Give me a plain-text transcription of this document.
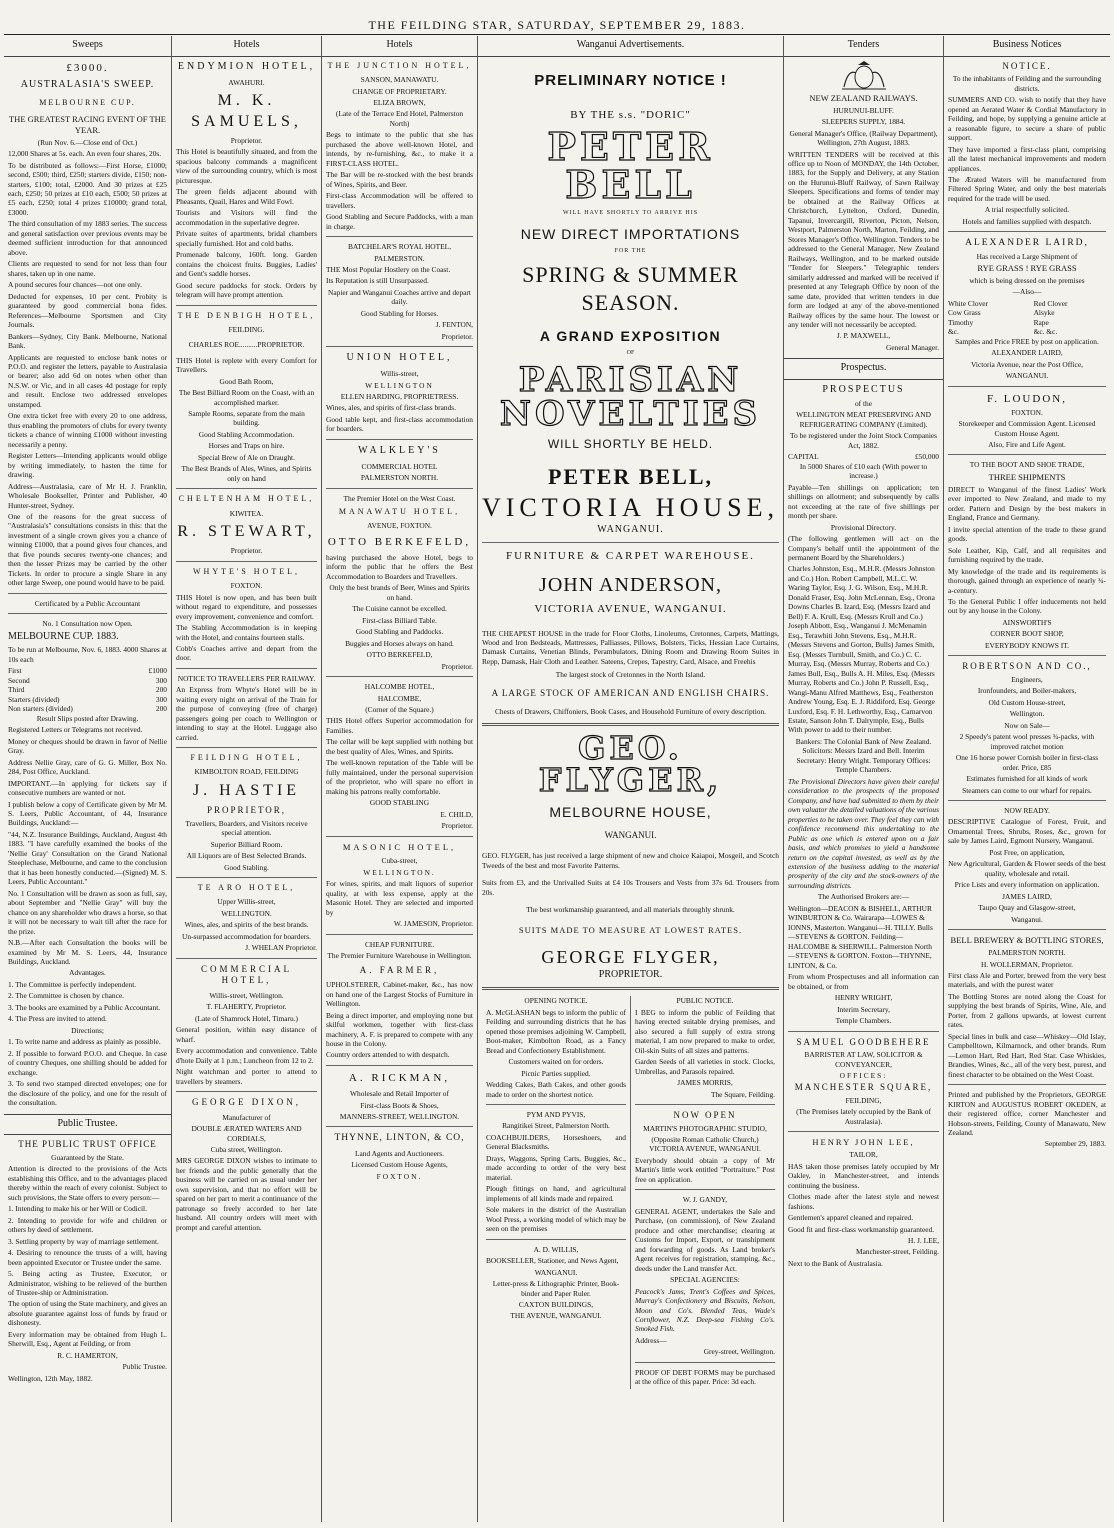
THE FEILDING STAR, SATURDAY, SEPTEMBER 29, 1883.
Sweeps
£3000.
AUSTRALASIA'S SWEEP.
MELBOURNE CUP.

THE GREATEST RACING EVENT OF THE YEAR.

(Run Nov. 6.—Close end of Oct.)

12,000 Shares at 5s. each. An even four shares, 20s.

To be distributed as follows:—First Horse, £1000; second, £500; third, £250; starters divide, £150; non-starters, £100; total, £2000. And 30 prizes at £25 each, £250; 50 prizes at £10 each, £500; 50 prizes at £5 each, £250; total 4 prizes £10000; grand total, £3000.

The third consultation of my 1883 series. The success and general satisfaction over previous events may be deemed sufficient introduction for that announced above.

Clients are requested to send for not less than four shares, taken up in one name.

A pound secures four chances—not one only.

Deducted for expenses, 10 per cent. Probity is guaranteed by good commercial bona fides. References—Melbourne Sportsmen and City Journals.

Bankers—Sydney, City Bank. Melbourne, National Bank.

Applicants are requested to enclose bank notes or P.O.O. and register the letters, payable to Australasia or bearer; also add 6d on notes when other than N.S.W. or Vic, and in all cases 4d postage for reply and result. Enclose two addressed envelopes unstamped.

One extra ticket free with every 20 to one address, thus enabling the promoters of clubs for every twenty tickets a chance of winning £1000 without investing necessarily a penny.

Register Letters—Intending applicants would oblige by writing immediately, to hasten the time for drawing.

Address—Australasia, care of Mr H. J. Franklin, Wholesale Bookseller, Printer and Publisher, 40 Hunter-street, Sydney.

One of the reasons for the great success of "Australasia's" consultations consists in this: that the investment of a single crown gives you a chance of winning £1000, that a pound gives four chances, and that five pounds secures twenty-one chances; and then the lesser Prizes may be carried by the other Tickets. In order to procure a single Share in any other large Sweep, one pound would have to be paid.

Certificated by a Public Accountant

No. 1 Consultation now Open.

MELBOURNE CUP. 1883.

To be run at Melbourne, Nov. 6, 1883. 4000 Shares at 10s each

First	£1000
Second	300
Third	200
Starters (divided)	300
Non starters (divided)	200

Result Slips posted after Drawing.

Registered Letters or Telegrams not received.

Money or cheques should be drawn in favor of Nellie Gray.

Address Nellie Gray, care of G. G. Miller, Box No. 284, Post Office, Auckland.

IMPORTANT.—In applying for tickets say if consecutive numbers are wanted or not.

I publish below a copy of Certificate given by Mr M. S. Leers, Public Accountant, of 44, Insurance Buildings, Auckland:—

"44, N.Z. Insurance Buildings, Auckland, August 4th 1883. "I have carefully examined the books of the 'Nellie Gray' Consultation on the Grand National Steeplechase, Melbourne, and came to the conclusion that it has been honestly conducted.—(Signed) M. S. Leers, Public Accountant."

No. 1 Consultation will be drawn as soon as full, say, about September and "Nellie Gray" will buy the chance on any shareholder who draws a horse, so that it will not be necessary to wait till after the race for the prize.

N.B.—After each Consultation the books will be examined by Mr M. S. Leers, 44, Insurance Buildings, Auckland.

Advantages.

1. The Committee is perfectly independent.

2. The Committee is chosen by chance.

3. The books are examined by a Public Accountant.

4. The Press are invited to attend.

Directions;

1. To write name and address as plainly as possible.

2. If possible to forward P.O.O. and Cheque. In case of country Cheques, one shilling should be added for exchange.

3. To send two stamped directed envelopes; one for the disclosure of the policy, and one for the result of the consultation.

Public Trustee.

THE PUBLIC TRUST OFFICE

Guaranteed by the State.

Attention is directed to the provisions of the Acts establishing this Office, and to the advantages placed thereby within the reach of every colonist. Subject to such provisions, the State offers to every person:—

1. Intending to make his or her Will or Codicil.

2. Intending to provide for wife and children or others by deed of settlement.

3. Settling property by way of marriage settlement.

4. Desiring to renounce the trusts of a will, having been appointed Executor or Trustee under the same.

5. Being acting as Trustee, Executor, or Administrator, wishing to be relieved of the burthen of Trustee-ship or Administration.

The option of using the State machinery, and gives an absolute guarantee against loss of funds by fraud or dishonesty.

Every information may be obtained from Hugh L. Sherwill, Esq., Agent at Feilding, or from

R. C. HAMERTON,

Public Trustee.

Wellington, 12th May, 1882.

Hotels
ENDYMION HOTEL,

AWAHURI.

M. K. SAMUELS,

Proprietor.

This Hotel is beautifully situated, and from the spacious balcony commands a magnificent view of the surrounding country, which is most picturesque.

The green fields adjacent abound with Pheasants, Quail, Hares and Wild Fowl.

Tourists and Visitors will find the accommodation in the superlative degree.

Private suites of apartments, bridal chambers specially furnished. Hot and cold baths.

Promenade balcony, 160ft. long. Garden contains the choicest fruits. Buggies, Ladies' and Gent's saddle horses.

Good secure paddocks for stock. Orders by telegram will have prompt attention.

THE DENBIGH HOTEL,

FEILDING.

CHARLES ROE..........PROPRIETOR.

THIS Hotel is replete with every Comfort for Travellers.

Good Bath Room,

The Best Billiard Room on the Coast, with an accomplished marker.

Sample Rooms, separate from the main building.

Good Stabling Accommodation.

Horses and Traps on hire.

Special Brew of Ale on Draught.

The Best Brands of Ales, Wines, and Spirits only on hand

CHELTENHAM HOTEL,

KIWITEA.

R. STEWART,

Proprietor.

WHYTE'S HOTEL,

FOXTON.

THIS Hotel is now open, and has been built without regard to expenditure, and possesses every improvement, convenience and comfort.

The Stabling Accommodation is in keeping with the Hotel, and contains fourteen stalls.

Cobb's Coaches arrive and depart from the door.

NOTICE TO TRAVELLERS PER RAILWAY.

An Express from Whyte's Hotel will be in waiting every night on arrival of the Train for the purpose of conveying (free of charge) passengers going per coach to Wellington or intending to stay at the Hotel. Luggage also carried.

FEILDING HOTEL,

KIMBOLTON ROAD, FEILDING

J. HASTIE

PROPRIETOR,

Travellers, Boarders, and Visitors receive special attention.

Superior Billiard Room.

All Liquors are of Best Selected Brands.

Good Stabling.

TE ARO HOTEL,

Upper Willis-street,

WELLINGTON.

Wines, ales, and spirits of the best brands.

Un-surpassed accommodation for boarders.

J. WHELAN Proprietor.

COMMERCIAL HOTEL,

Willis-street, Wellington.

T. FLAHERTY, Proprietor.

(Late of Shamrock Hotel, Timaru.)

General position, within easy distance of wharf.

Every accommodation and convenience. Table d'hote Daily at 1 p.m.; Luncheon from 12 to 2.

Night watchman and porter to attend to travellers by steamers.

GEORGE DIXON,

Manufacturer of

DOUBLE ÆRATED WATERS AND CORDIALS,

Cuba street, Wellington.

MRS GEORGE DIXON wishes to intimate to her friends and the public generally that the business will be carried on as usual under her own supervision, and that no effort will be spared on her part to merit a continuance of the patronage so freely accorded to her late husband. All country orders will meet with prompt and careful attention.

Hotels
THE JUNCTION HOTEL,

SANSON, MANAWATU.

CHANGE OF PROPRIETARY.

ELIZA BROWN,

(Late of the Terrace End Hotel, Palmerston North)

Begs to intimate to the public that she has purchased the above well-known Hotel, and intends, by re-furnishing, &c., to make it a FIRST-CLASS HOTEL.

The Bar will be re-stocked with the best brands of Wines, Spirits, and Beer.

First-class Accommodation will be offered to travellers.

Good Stabling and Secure Paddocks, with a man in charge.

BATCHELAR'S ROYAL HOTEL,

PALMERSTON.

THE Most Popular Hostlery on the Coast.

Its Reputation is still Unsurpassed.

Napier and Wanganui Coaches arrive and depart daily.

Good Stabling for Horses.

J. FENTON,

Proprietor.

UNION HOTEL,

Willis-street,

WELLINGTON

ELLEN HARDING, PROPRIETRESS.

Wines, ales, and spirits of first-class brands.

Good table kept, and first-class accommodation for boarders.

WALKLEY'S

COMMERCIAL HOTEL

PALMERSTON NORTH.

The Premier Hotel on the West Coast.

MANAWATU HOTEL,

AVENUE, FOXTON.

OTTO BERKEFELD,

having purchased the above Hotel, begs to inform the public that he offers the Best Accommodation to Boarders and Travellers.

Only the best brands of Beer, Wines and Spirits on hand.

The Cuisine cannot be excelled.

First-class Billiard Table.

Good Stabling and Paddocks.

Buggies and Horses always on hand.

OTTO BERKEFELD,

Proprietor.

HALCOMBE HOTEL,

HALCOMBE,

(Corner of the Square.)

THIS Hotel offers Superior accommodation for Families.

The cellar will be kept supplied with nothing but the best quality of Ales, Wines, and Spirits.

The well-known reputation of the Table will be fully maintained, under the personal supervision of the proprietor, who will spare no effort in making his patrons really comfortable.

GOOD STABLING

E. CHILD,

Proprietor.

MASONIC HOTEL,

Cuba-street,

WELLINGTON.

For wines, spirits, and malt liquors of superior quality, at with less expense, apply at the Masonic Hotel. They are selected and imported by

W. JAMESON, Proprietor.

CHEAP FURNITURE.

The Premier Furniture Warehouse in Wellington.

A. FARMER,

UPHOLSTERER, Cabinet-maker, &c., has now on hand one of the Largest Stocks of Furniture in Wellington.

Being a direct importer, and employing none but skilful workmen, together with first-class machinery, A. F. is prepared to compete with any house in the Colony.

Country orders attended to with despatch.

A. RICKMAN,

Wholesale and Retail Importer of

First-class Boots & Shoes,

MANNERS-STREET, WELLINGTON.

THYNNE, LINTON, & CO,

Land Agents and Auctioneers.

Licensed Custom House Agents,

FOXTON.

Wanganui Advertisements.
PRELIMINARY NOTICE !
BY THE s.s. "DORIC"
PETER BELL

WILL HAVE SHORTLY TO ARRIVE HIS

NEW DIRECT IMPORTATIONS

FOR THE

SPRING & SUMMER SEASON.
A GRAND EXPOSITION

OF

PARISIAN NOVELTIES
WILL SHORTLY BE HELD.
PETER BELL,
VICTORIA HOUSE,

WANGANUI.

FURNITURE & CARPET WAREHOUSE.

JOHN ANDERSON,

VICTORIA AVENUE, WANGANUI.

THE CHEAPEST HOUSE in the trade for Floor Cloths, Linoleums, Cretonnes, Carpets, Mattings, Wood and Iron Bedsteads, Mattresses, Palliasses, Pillows, Bolsters, Ticks, Hessian Lace Curtains, Damask Curtains, Venetian Blinds, Perambulators, Dining Room and Drawing Room Suites in Repp, Damask, Hair Cloth and Leather. Sateens, Crepes, Tapestry, Card, Alsace, and Freehis

The largest stock of Cretonnes in the North Island.

A LARGE STOCK OF AMERICAN AND ENGLISH CHAIRS.

Chests of Drawers, Chiffoniers, Book Cases, and Household Furniture of every description.

GEO. FLYGER,
MELBOURNE HOUSE,

WANGANUI.

GEO. FLYGER, has just received a large shipment of new and choice Kaiapoi, Mosgeil, and Scotch Tweeds of the best and most Favorite Patterns.

Suits from £3, and the Unrivalled Suits at £4 10s Trousers and Vests from 37s 6d. Trousers from 20s.

The best workmanship guaranteed, and all materials throughly shrunk.

SUITS MADE TO MEASURE AT LOWEST RATES.

GEORGE FLYGER,

PROPRIETOR.

OPENING NOTICE.

A. McGLASHAN begs to inform the public of Feilding and surrounding districts that he has opened those premises adjoining W. Campbell, Boot-maker, Kimbolton Road, as a Fancy Bread and Confectionery Establishment.

Customers waited on for orders.

Picnic Parties supplied.

Wedding Cakes, Bath Cakes, and other goods made to order on the shortest notice.

PYM AND PYVIS,

Rangitikei Street, Palmerston North.

COACHBUILDERS, Horseshoers, and General Blacksmiths.

Drays, Waggons, Spring Carts, Buggies, &c., made according to order of the very best material.

Plough fittings on hand, and agricultural implements of all kinds made and repaired.

Sole makers in the district of the Australian Wool Press, a working model of which may be seen on the premises

A. D. WILLIS,

BOOKSELLER, Stationer, and News Agent,

WANGANUI.

Letter-press & Lithographic Printer, Book-binder and Paper Ruler.

CAXTON BUILDINGS,

THE AVENUE, WANGANUI.

PUBLIC NOTICE.

I BEG to inform the public of Feilding that having erected suitable drying premises, and also secured a full supply of extra strong material, I am now prepared to make to order, Oil-skin Suits of all sizes and patterns.

Garden Seeds of all varieties in stock. Clocks, Umbrellas, and Parasols repaired.

JAMES MORRIS,

The Square, Feilding.

NOW OPEN

MARTIN'S PHOTOGRAPHIC STUDIO,

(Opposite Roman Catholic Church,) VICTORIA AVENUE, WANGANUI.

Everybody should obtain a copy of Mr Martin's little work entitled "Portraiture." Post free on application.

W. J. GANDY,

GENERAL AGENT, undertakes the Sale and Purchase, (on commission), of New Zealand produce and other merchandise; clearing at Customs for Import, Export, or transhipment and forwarding of goods. As Land broker's Agent receives for registration, stamping, &c., deeds under the Land transfer Act.

SPECIAL AGENCIES:

Peacock's Jams, Trent's Coffees and Spices, Murray's Confectionery and Biscuits, Nelson, Moon and Co's. Blended Teas, Wade's Cornflower, N.Z. Deep-sea Fishing Co's. Smoked Fish.

Address—

Grey-street, Wellington.

PROOF OF DEBT FORMS may be purchased at the office of this paper. Price: 3d each.

Tenders

NEW ZEALAND RAILWAYS.

HURUNUI-BLUFF.

SLEEPERS SUPPLY, 1884.

General Manager's Office, (Railway Department), Wellington, 27th August, 1883.

WRITTEN TENDERS will be received at this office up to Noon of MONDAY, the 14th October, 1883, for the Supply and Delivery, at any Station on the Hurunui-Bluff Railway, of Sawn Railway Sleepers. Specifications and forms of tender may be obtained at the Railway Offices at Christchurch, Lyttelton, Oxford, Dunedin, Tapanui, Invercargill, Riverton, Picton, Nelson, Westport, Palmerston North, Marton, Feilding, and Stores Manager's Office, Wellington. Tenders to be addressed to the General Manager, New Zealand Railways, Wellington, and to be marked outside "Tender for Sleepers." Telegraphic tenders similarly addressed and marked will be received if presented at any Telegraph Office by noon of the same date, provided that written tenders in due form are lodged at any of the above-mentioned Railway offices by the same hour. The lowest or any tender will not necessarily be accepted.

J. P. MAXWELL,

General Manager.

Prospectus.

PROSPECTUS

of the

WELLINGTON MEAT PRESERVING AND REFRIGERATING COMPANY (Limited).

To be registered under the Joint Stock Companies Act, 1882.

CAPITAL	£50,000

In 5000 Shares of £10 each (With power to increase.)

Payable—Ten shillings on application; ten shillings on allotment; and subsequently by calls not exceeding at the rate of five shillings per month per share.

Provisional Directory.

(The following gentlemen will act on the Company's behalf until the appointment of the permanent Board by the Shareholders.)

Charles Johnston, Esq., M.H.R. (Messrs Johnston and Co.) Hon. Robert Campbell, M.L.C. W. Waring Taylor, Esq. J. G. Wilson, Esq., M.H.R. Donald Fraser, Esq. John McLennan, Esq., Orona Downs Charles B. Izard, Esq. (Messrs Izard and Bell) F. A. Krull, Esq. (Messrs Krull and Co.) Joseph Abbott, Esq., Wanganui J. McMenamin Esq., Terawhiti John Stevens, Esq., M.H.R. (Messrs Stevens and Gorton, Bulls) James Smith, Esq. (Messrs Turnbull, Smith, and Co.) C. C. Murray, Esq. (Messrs Murray, Roberts and Co.) James Bull, Esq., Bulls A. H. Miles, Esq. (Messrs Murray, Roberts and Co.) John P. Russell, Esq., Wangi-Manu Alfred Matthews, Esq., Featherston Andrew Young, Esq. E. J. Riddiford, Esq. George Luxford, Esq. F. H. Lethworthy, Esq., Carnarvon Estate, Sanson John T. Dalrymple, Esq., Bulls With power to add to their number.

Bankers: The Colonial Bank of New Zealand. Solicitors: Messrs Izard and Bell. Interim Secretary: Henry Wright. Temporary Offices: Temple Chambers.

The Provisional Directors have given their careful consideration to the prospects of the proposed Company, and have had submitted to them by their own valuator the detailed valuations of the various properties to be taken over. They feel they can with confidence recommend this undertaking to the Public as one which is entered upon on a fair basis, and which promises to yield a handsome return on the capital invested, as well as by the extension of the business adding to the material prosperity of the city and the stock-owners of the surrounding districts.

The Authorised Brokers are:—

Wellington—DEACON & BISHELL, ARTHUR WINBURTON & Co. Wairarapa—LOWES & IONNS, Masterton. Wanganui—H. TILLY. Bulls—STEVENS & GORTON. Feilding—HALCOMBE & SHERWILL. Palmerston North—STEVENS & GORTON. Foxton—THYNNE, LINTON, & Co.

From whom Prospectuses and all information can be obtained, or from

HENRY WRIGHT,

Interim Secretary,

Temple Chambers.

SAMUEL GOODBEHERE

BARRISTER AT LAW, SOLICITOR & CONVEYANCER,

OFFICES:

MANCHESTER SQUARE,

FEILDING,

(The Premises lately occupied by the Bank of Australasia).

HENRY JOHN LEE,

TAILOR,

HAS taken those premises lately occupied by Mr Oakley, in Manchester-street, and intends continuing the business.

Clothes made after the latest style and newest fashions.

Gentlemen's apparel cleaned and repaired.

Good fit and first-class workmanship guaranteed.

H. J. LEE,

Manchester-street, Feilding.

Next to the Bank of Australasia.

Business Notices

NOTICE.

To the inhabitants of Feilding and the surrounding districts.

SUMMERS AND CO. wish to notify that they have opened an Aerated Water & Cordial Manufactory in Feilding, and hope, by supplying a genuine article at a reasonable figure, to secure a share of public support.

They have imported a first-class plant, comprising all the latest mechanical improvements and modern appliances.

The Ærated Waters will be manufactured from Filtered Spring Water, and only the best materials required for the trade will be used.

A trial respectfully solicited.

Hotels and families supplied with despatch.

ALEXANDER LAIRD,

Has received a Large Shipment of

RYE GRASS ! RYE GRASS

which is being dressed on the premises

—Also—

White Clover	Red Clover
Cow Grass	Alsyke
Timothy	Rape
&c.	&c. &c.

Samples and Price FREE by post on application.

ALEXANDER LAIRD,

Victoria Avenue, near the Post Office,

WANGANUI.

F. LOUDON,

FOXTON.

Storekeeper and Commission Agent. Licensed Custom House Agent.

Also, Fire and Life Agent.

TO THE BOOT AND SHOE TRADE,

THREE SHIPMENTS

DIRECT to Wanganui of the finest Ladies' Work ever imported to New Zealand, and made to my order. Pattern and Design by the best makers in England, France and Germany.

I invite special attention of the trade to these grand goods.

Sole Leather, Kip, Calf, and all requisites and furnishing required by the trade.

My knowledge of the trade and its requirements is thorough, gained through an experience of nearly ¾-a-century.

To the General Public I offer inducements not held out by any house in the Colony.

AINSWORTH'S

CORNER BOOT SHOP,

EVERYBODY KNOWS IT.

ROBERTSON AND CO.,

Engineers,

Ironfounders, and Boiler-makers,

Old Custom House-street,

Wellington.

Now on Sale—

2 Speedy's patent wool presses ¾-packs, with improved ratchet motion

One 16 horse power Cornish boiler in first-class order. Price, £85

Estimates furnished for all kinds of work

Steamers can come to our wharf for repairs.

NOW READY.

DESCRIPTIVE Catalogue of Forest, Fruit, and Ornamental Trees, Shrubs, Roses, &c., grown for sale by James Laird, Egmont Nursery, Wanganui.

Post Free, on application,

New Agricultural, Garden & Flower seeds of the best quality, wholesale and retail.

Price Lists and every information on application.

JAMES LAIRD,

Taupo Quay and Glasgow-street,

Wanganui.

BELL BREWERY & BOTTLING STORES,

PALMERSTON NORTH.

H. WOLLERMAN, Proprietor.

First class Ale and Porter, brewed from the very best materials, and with the purest water

The Bottling Stores are noted along the Coast for supplying the best brands of Spirits, Wine, Ale, and Porter, from 2 gallons upwards, at lowest current rates.

Special lines in bulk and case—Whiskey—Old Islay, Campbelltown, Kilmarnock, and other brands. Rum—Lemon Hart, Red Hart, Red Star. Case Whiskies, Brandies, Wines, &c., all of the very best, purest, and finest character to be obtained on the West Coast.

Printed and published by the Proprietors, GEORGE KIRTON and AUGUSTUS ROBERT OKEDEN, at their registered office, corner Manchester and Hobson-streets, Feilding, County of Manawatu, New Zealand.

September 29, 1883.
